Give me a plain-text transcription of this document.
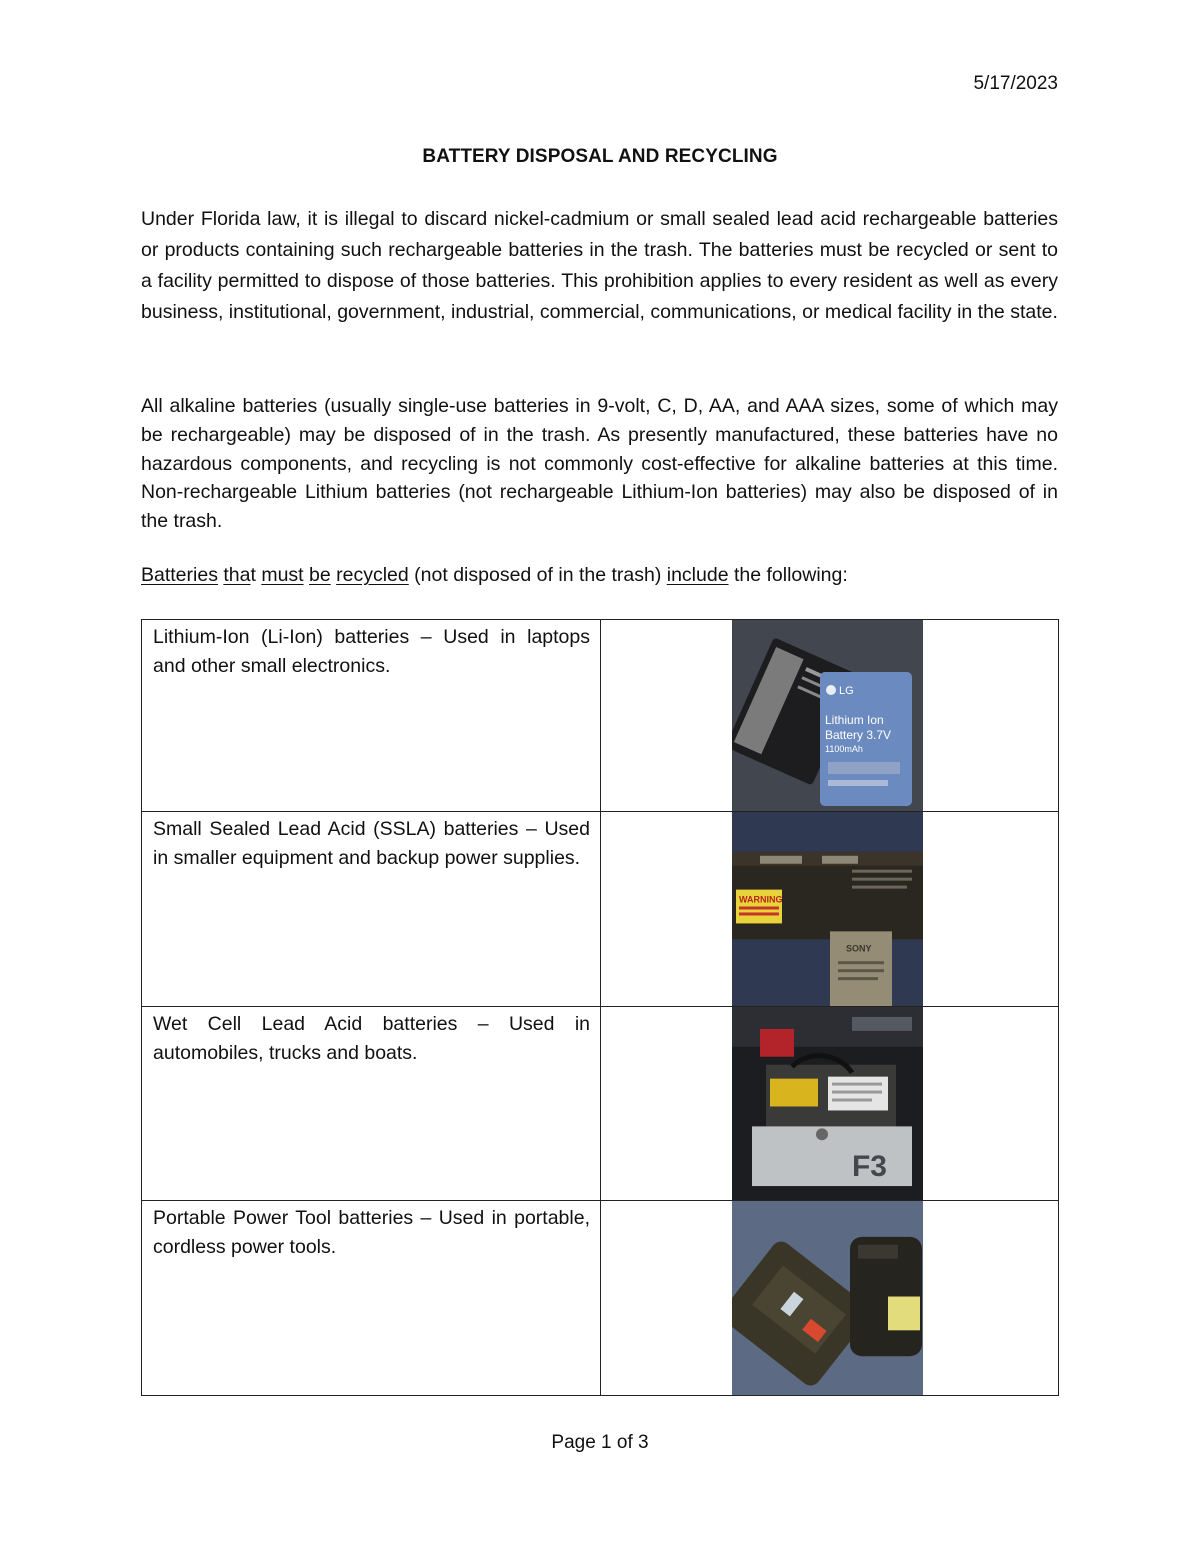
5/17/2023
BATTERY DISPOSAL AND RECYCLING

Under Florida law, it is illegal to discard nickel-cadmium or small sealed lead acid rechargeable batteries or products containing such rechargeable batteries in the trash. The batteries must be recycled or sent to a facility permitted to dispose of those batteries. This prohibition applies to every resident as well as every business, institutional, government, industrial, commercial, communications, or medical facility in the state.

All alkaline batteries (usually single-use batteries in 9-volt, C, D, AA, and AAA sizes, some of which may be rechargeable) may be disposed of in the trash. As presently manufactured, these batteries have no hazardous components, and recycling is not commonly cost-effective for alkaline batteries at this time. Non-rechargeable Lithium batteries (not rechargeable Lithium-Ion batteries) may also be disposed of in the trash.

Batteries that must be recycled (not disposed of in the trash) include the following:
Lithium-Ion (Li-Ion) batteries – Used in laptops and other small electronics.	LG
Lithium Ion
Battery 3.7V
1100mAh

Small Sealed Lead Acid (SSLA) batteries – Used in smaller equipment and backup power supplies.	WARNING
SONY

Wet Cell Lead Acid batteries – Used in automobiles, trucks and boats.	F3

Portable Power Tool batteries – Used in portable, cordless power tools.

Page 1 of 3
